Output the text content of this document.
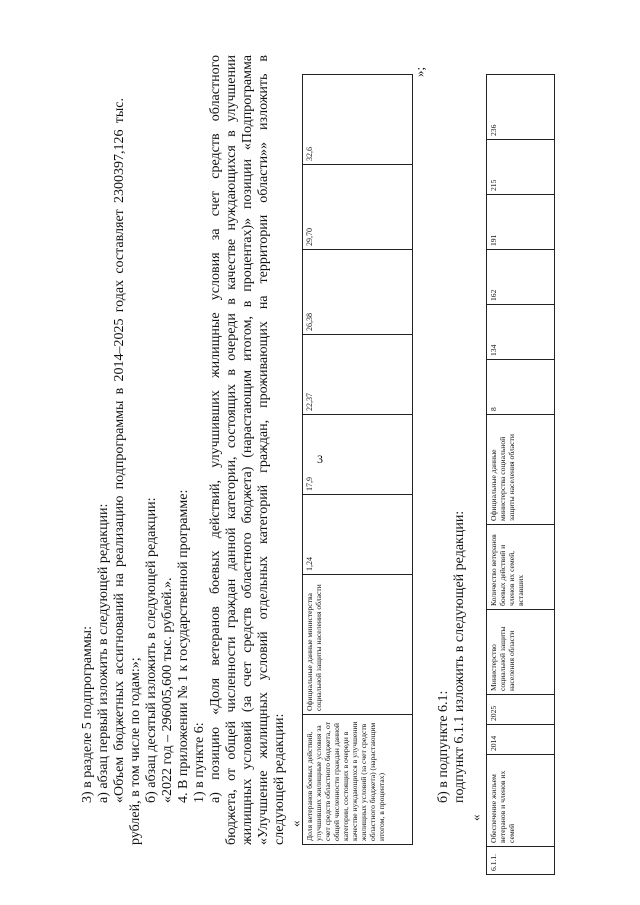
3
3) в разделе 5 подпрограммы: а) абзац первый изложить в следующей редакции: «Объем бюджетных ассигнований на реализацию подпрограммы в 2014–2025 годах составляет 2300397,126 тыс. рублей, в том числе по годам:»; б) абзац десятый изложить в следующей редакции: «2022 год – 296005,600 тыс. рублей.». 4. В приложении № 1 к государственной программе: 1) в пункте 6: а) позицию «Доля ветеранов боевых действий, улучшивших жилищные условия за счет средств областного бюджета, от общей численности граждан данной категории, состоящих в очереди в качестве нуждающихся в улучшении жилищных условий (за счет средств областного бюджета) (нарастающим итогом, в процентах)» позиции «Подпрограмма «Улучшение жилищных условий отдельных категорий граждан, проживающих на территории области»» изложить в следующей редакции: « Доля ветеранов боевых действий, улучшивших жилищные условия за счет средств областного бюджета, от общей численности граждан данной категории, состоящих в очереди в качестве нуждающихся в улучшении жилищных условий (за счет средств областного бюджета) (нарастающим итогом, в процентах)	Официальные данные министерства социальной защиты населения области	1,24	17,9	22,37	26,38	29,70	32,6
»;
б) в подпункте 6.1: подпункт 6.1.1 изложить в следующей редакции:
«
6.1.1.	Обеспечение жильем ветеранов и членов их семей	2014	2025	Министерство социальной защиты населения области	Количество ветеранов боевых действий и членов их семей, вставших	Официальные данные министерства социальной защиты населения области	8	134	162	191	215	236
